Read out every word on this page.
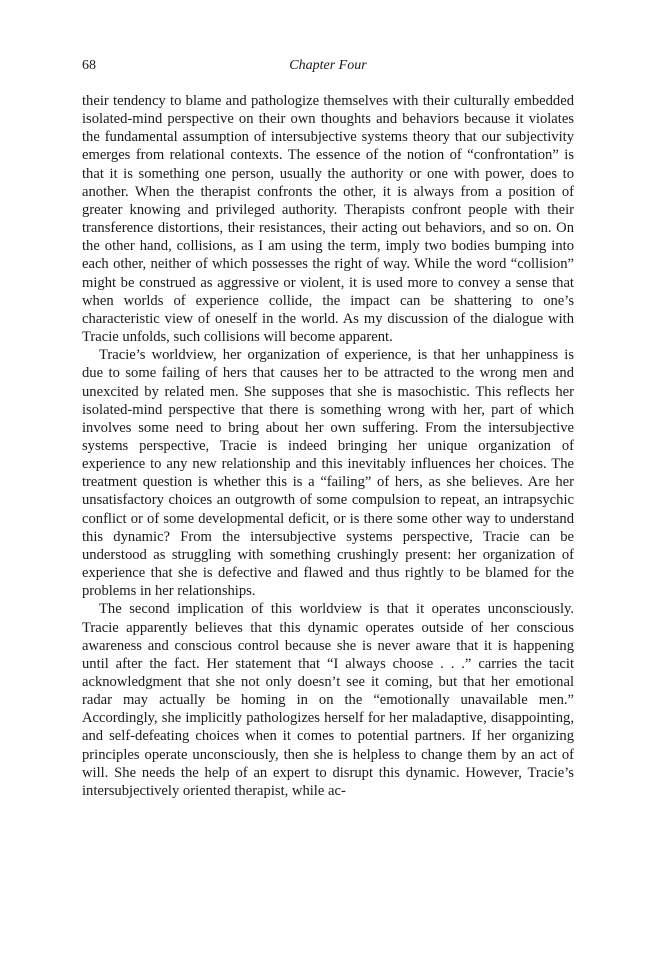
68	Chapter Four

their tendency to blame and pathologize themselves with their culturally embedded isolated-mind perspective on their own thoughts and behaviors because it violates the fundamental assumption of intersubjective systems theory that our subjectivity emerges from relational contexts. The essence of the notion of “confrontation” is that it is something one person, usually the authority or one with power, does to another. When the therapist confronts the other, it is always from a position of greater knowing and privileged authority. Therapists confront people with their transference distortions, their resistances, their acting out behaviors, and so on. On the other hand, collisions, as I am using the term, imply two bodies bumping into each other, neither of which possesses the right of way. While the word “collision” might be construed as aggressive or violent, it is used more to convey a sense that when worlds of experience collide, the impact can be shattering to one’s characteristic view of oneself in the world. As my discussion of the dialogue with Tracie unfolds, such collisions will become apparent.

Tracie’s worldview, her organization of experience, is that her unhappiness is due to some failing of hers that causes her to be attracted to the wrong men and unexcited by related men. She supposes that she is masochistic. This reflects her isolated-mind perspective that there is something wrong with her, part of which involves some need to bring about her own suffering. From the intersubjective systems perspective, Tracie is indeed bringing her unique organization of experience to any new relationship and this inevitably influences her choices. The treatment question is whether this is a “failing” of hers, as she believes. Are her unsatisfactory choices an outgrowth of some compulsion to repeat, an intrapsychic conflict or of some developmental deficit, or is there some other way to understand this dynamic? From the intersubjective systems perspective, Tracie can be understood as struggling with something crushingly present: her organization of experience that she is defective and flawed and thus rightly to be blamed for the problems in her relationships.

The second implication of this worldview is that it operates unconsciously. Tracie apparently believes that this dynamic operates outside of her conscious awareness and conscious control because she is never aware that it is happening until after the fact. Her statement that “I always choose . . .” carries the tacit acknowledgment that she not only doesn’t see it coming, but that her emotional radar may actually be homing in on the “emotionally unavailable men.” Accordingly, she implicitly pathologizes herself for her maladaptive, disappointing, and self-defeating choices when it comes to potential partners. If her organizing principles operate unconsciously, then she is helpless to change them by an act of will. She needs the help of an expert to disrupt this dynamic. However, Tracie’s intersubjectively oriented therapist, while ac-
